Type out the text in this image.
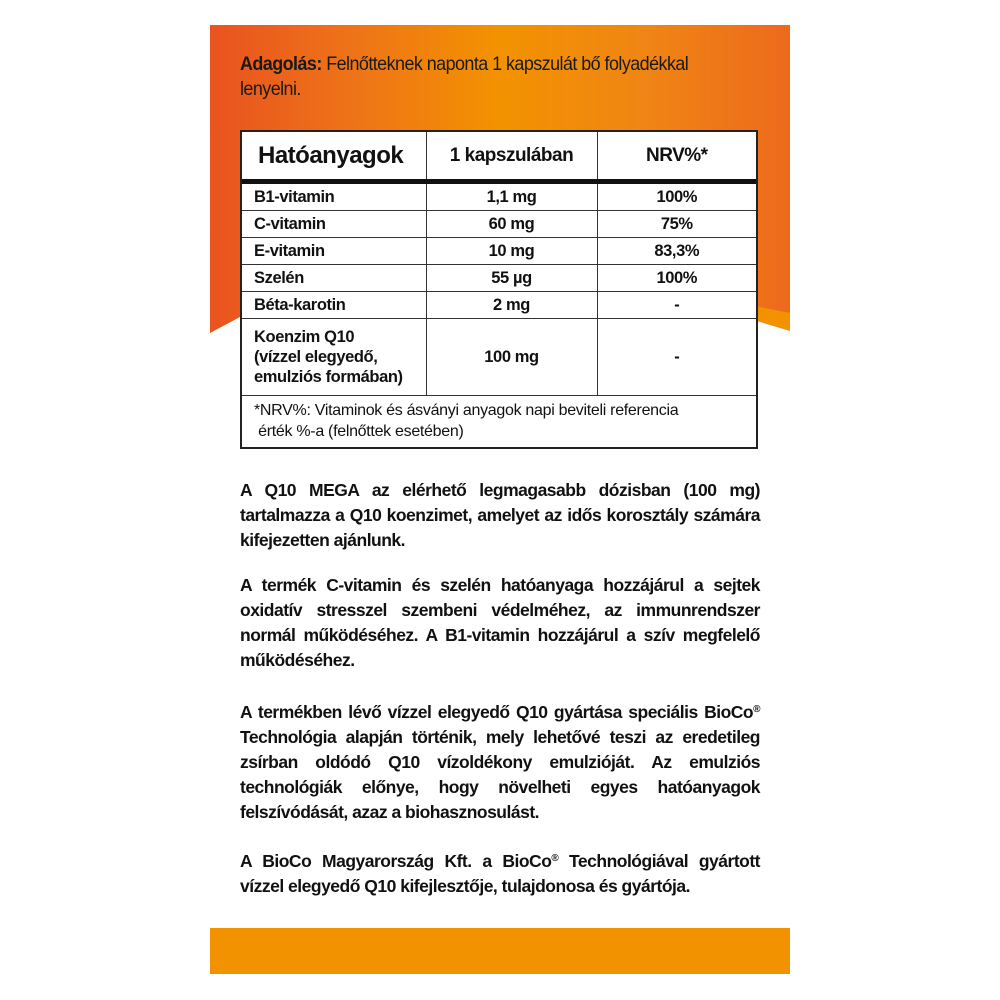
Adagolás: Felnőtteknek naponta 1 kapszulát bő folyadékkal lenyelni.
Hatóanyagok	1 kapszulában	NRV%*
B1-vitamin	1,1 mg	100%
C-vitamin	60 mg	75%
E-vitamin	10 mg	83,3%
Szelén	55 µg	100%
Béta-karotin	2 mg	-

Koenzim Q10
(vízzel elegyedő,
emulziós formában)	100 mg	-

*NRV%: Vitaminok és ásványi anyagok napi beviteli referencia
érték %-a (felnőttek esetében)		

A Q10 MEGA az elérhető legmagasabb dózisban (100 mg) tartalmazza a Q10 koenzimet, amelyet az idős korosztály számára kifejezetten ajánlunk.

A termék C-vitamin és szelén hatóanyaga hozzájárul a sejtek oxidatív stresszel szembeni védelméhez, az immunrendszer normál működéséhez. A B1-vitamin hozzájárul a szív megfelelő működéséhez.

A termékben lévő vízzel elegyedő Q10 gyártása speciális BioCo® Technológia alapján történik, mely lehetővé teszi az eredetileg zsírban oldódó Q10 vízoldékony emulzióját. Az emulziós technológiák előnye, hogy növelheti egyes hatóanyagok felszívódását, azaz a biohasznosulást.

A BioCo Magyarország Kft. a BioCo® Technológiával gyártott vízzel elegyedő Q10 kifejlesztője, tulajdonosa és gyártója.
